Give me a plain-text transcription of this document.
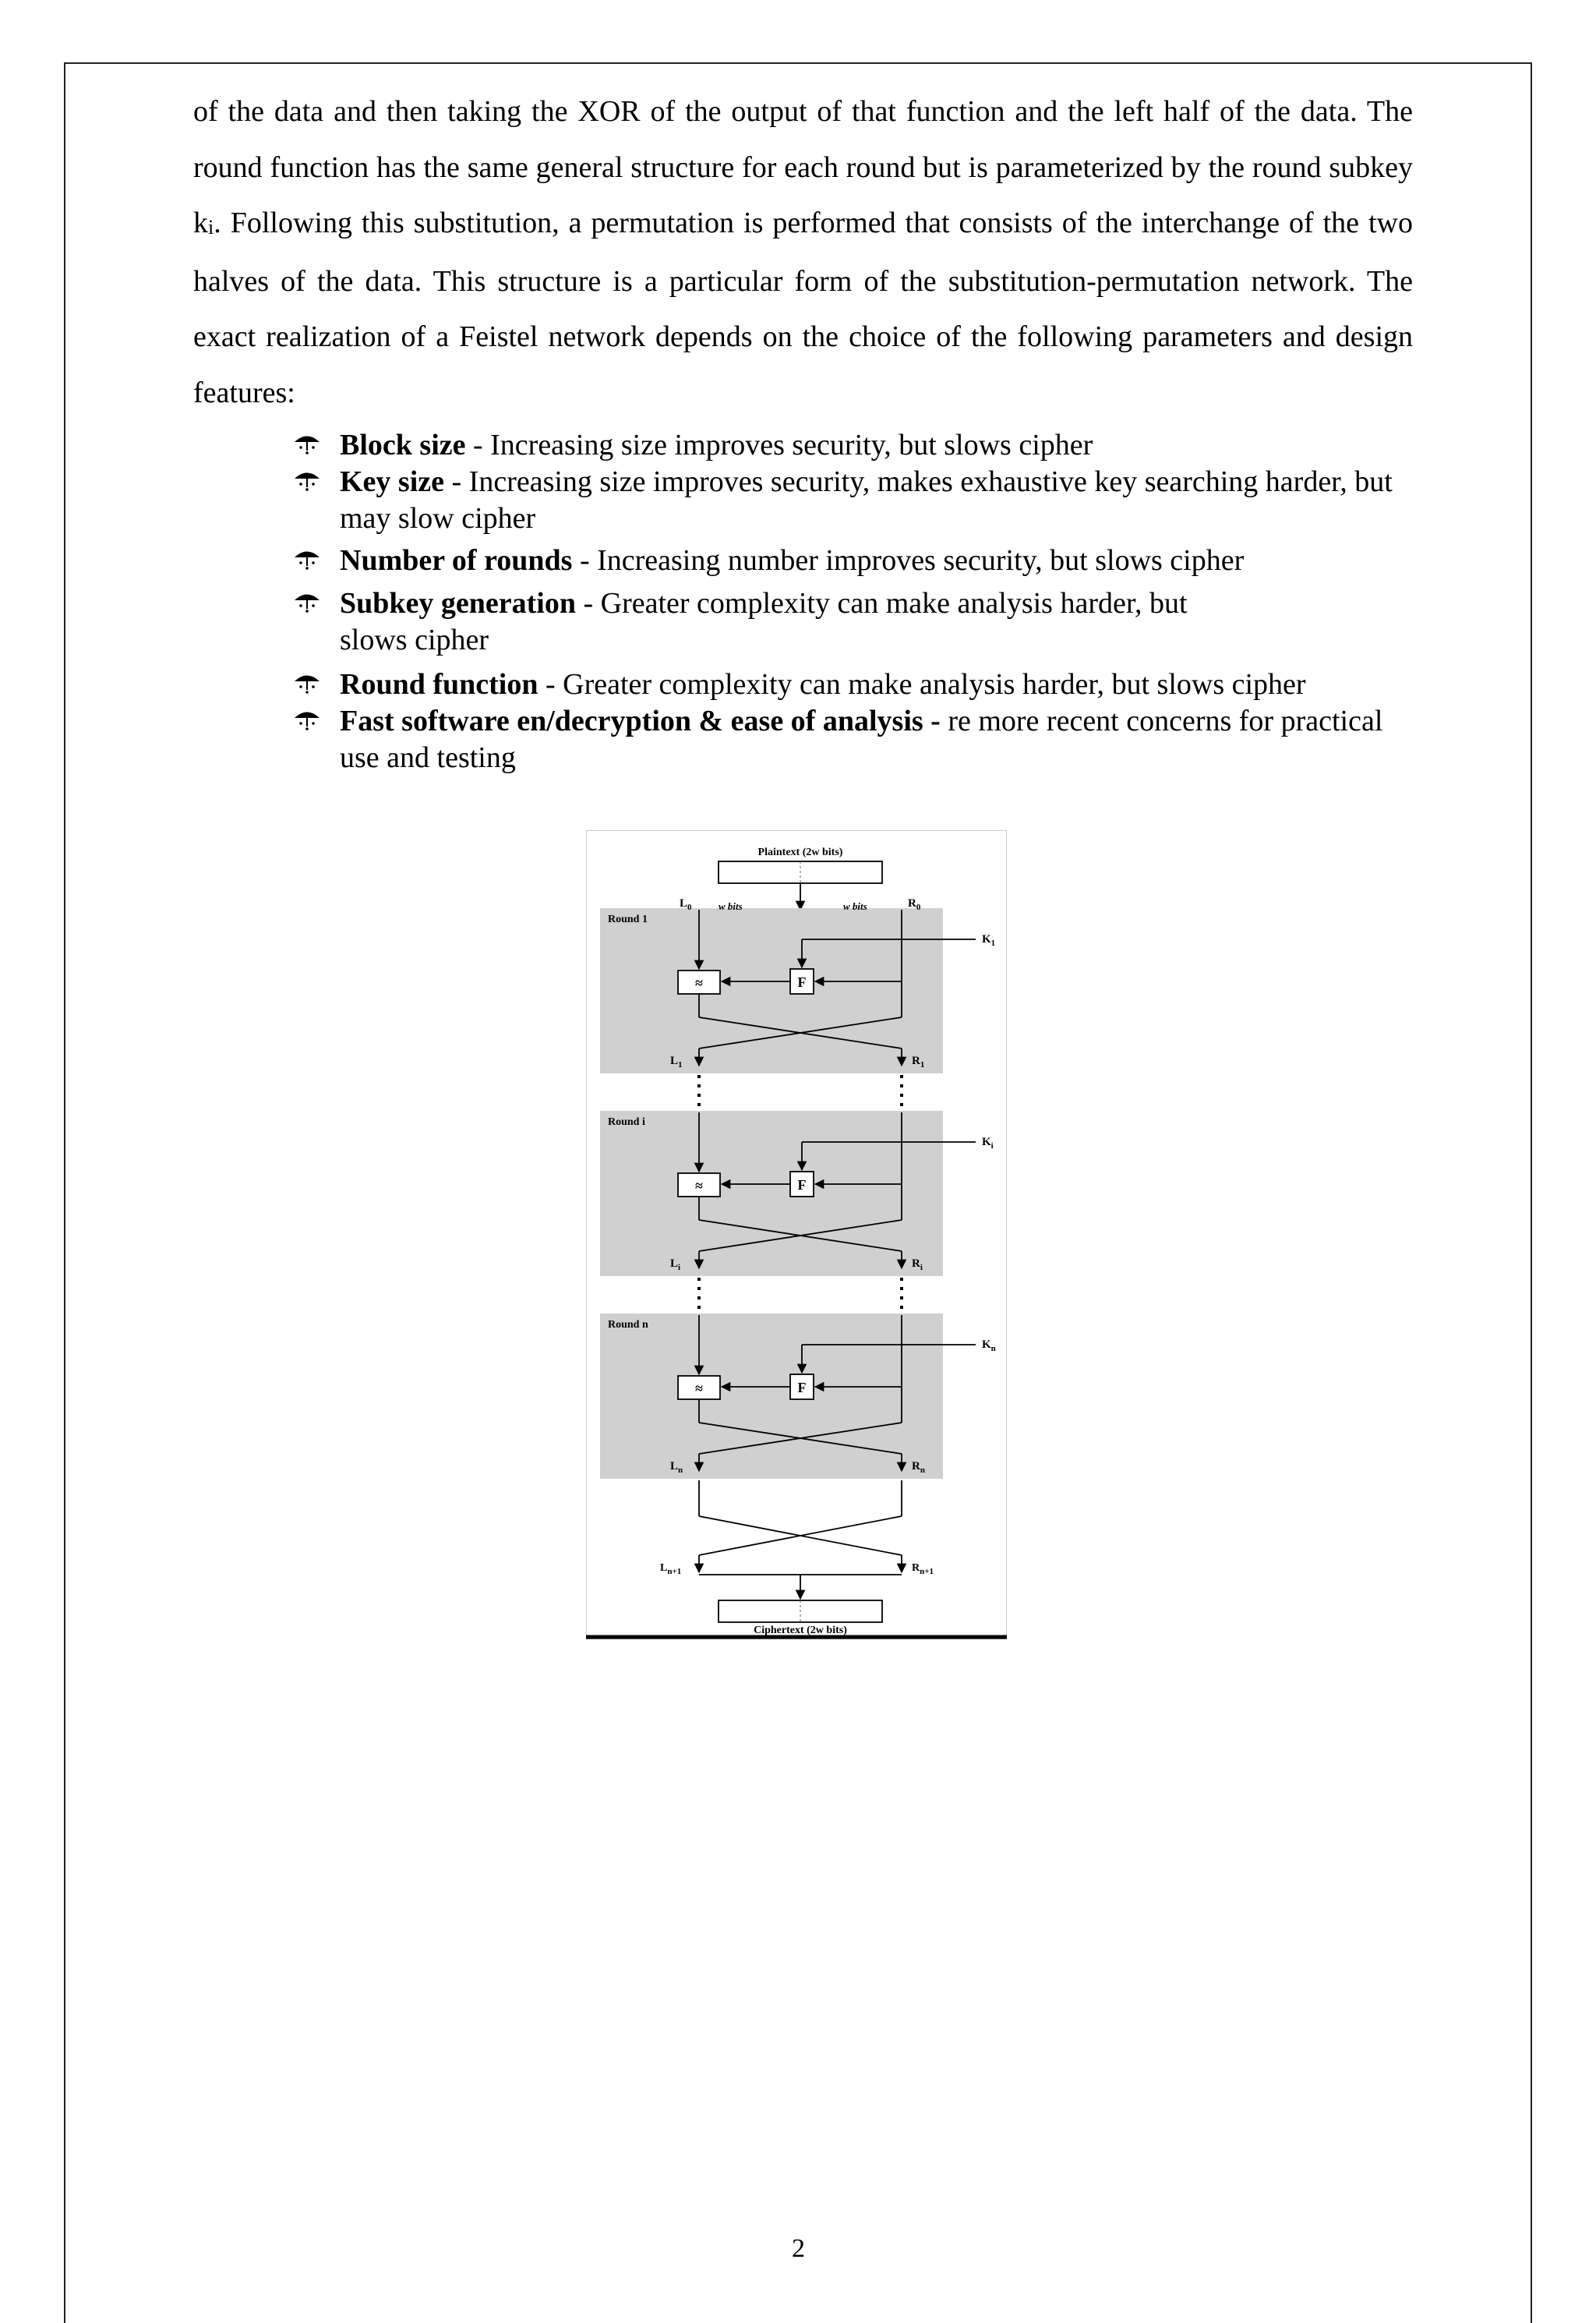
of the data and then taking the XOR of the output of that function and the left half of the data. The round function has the same general structure for each round but is parameterized by the round subkey $k_i$. Following this substitution, a permutation is performed that consists of the interchange of the two halves of the data. This structure is a particular form of the substitution-permutation network. The exact realization of a Feistel network depends on the choice of the following parameters and design features:

Block size - Increasing size improves security, but slows cipher
Key size - Increasing size improves security, makes exhaustive key searching harder, but may slow cipher
Number of rounds - Increasing number improves security, but slows cipher
Subkey generation - Greater complexity can make analysis harder, but
slows cipher
Round function - Greater complexity can make analysis harder, but slows cipher
Fast software en/decryption & ease of analysis - re more recent concerns for practical use and testing
Plaintext (2w bits)
Round 1
≈	F
$K_1$
$L_1$	$R_1$
Round i
≈	F
$K_i$
$L_i$	$R_i$
Round n
≈	F
$K_n$
$L_n$	$R_n$
$L_{n+1}$	$R_{n+1}$
Ciphertext (2w bits)
$L_0$	w bits	w bits	$R_0$
2
